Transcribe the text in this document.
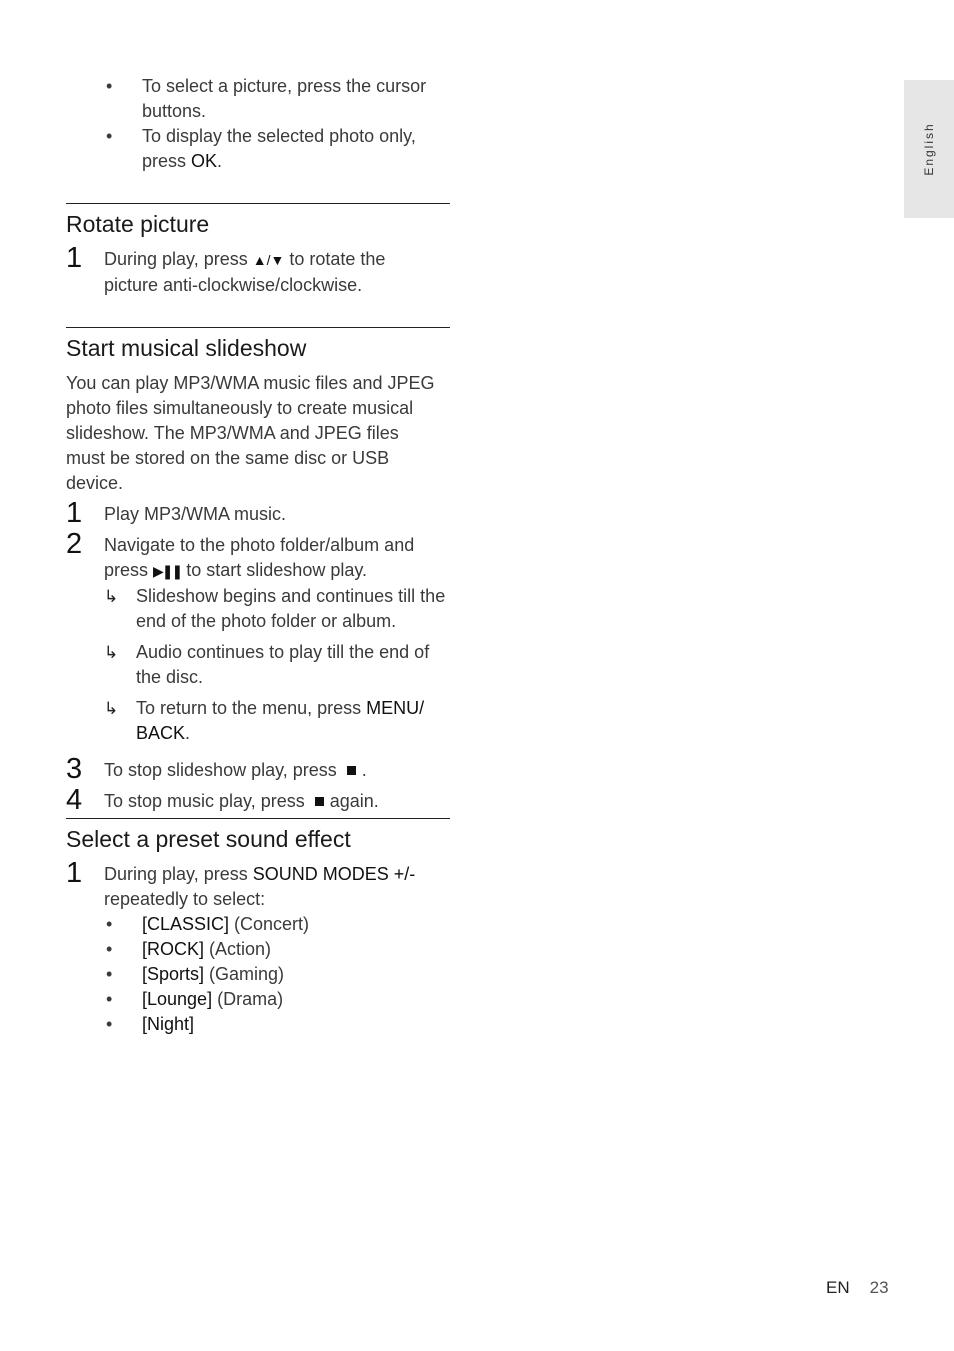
English
• To select a picture, press the cursor buttons.
• To display the selected photo only, press OK.
Rotate picture
1 During play, press ▲/▼ to rotate the picture anti-clockwise/clockwise.
Start musical slideshow
You can play MP3/WMA music files and JPEG photo files simultaneously to create musical slideshow. The MP3/WMA and JPEG files must be stored on the same disc or USB device.
1 Play MP3/WMA music.
2 Navigate to the photo folder/album and press ▶❚❚ to start slideshow play.
↳ Slideshow begins and continues till the end of the photo folder or album.
↳ Audio continues to play till the end of the disc.
↳ To return to the menu, press MENU/ BACK.
3 To stop slideshow play, press .
4 To stop music play, press again.
Select a preset sound effect
1 During play, press SOUND MODES +/- repeatedly to select:
• [CLASSIC] (Concert)
• [ROCK] (Action)
• [Sports] (Gaming)
• [Lounge] (Drama)
• [Night]
EN 23
